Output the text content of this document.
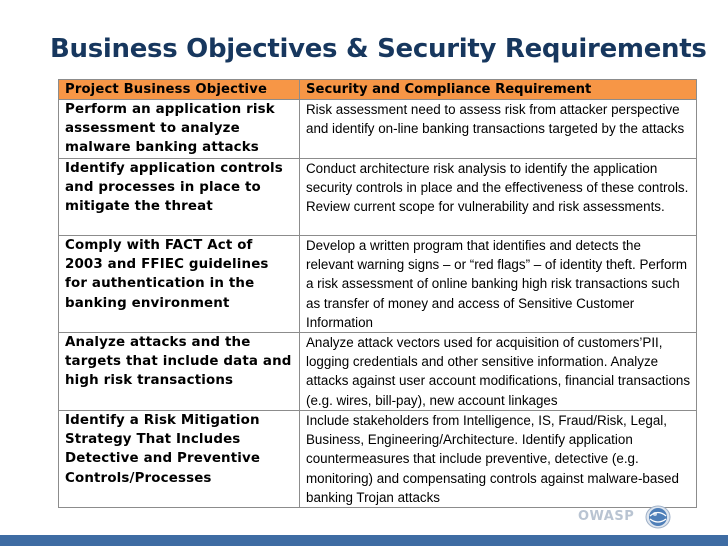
Business Objectives & Security Requirements
Project Business Objective	Security and Compliance Requirement
Perform an application risk assessment to analyze malware banking attacks	Risk assessment need to assess risk from attacker perspective and identify on-line banking transactions targeted by the attacks
Identify application controls and processes in place to mitigate the threat	Conduct architecture risk analysis to identify the application security controls in place and the effectiveness of these controls. Review current scope for vulnerability and risk assessments.
Comply with FACT Act of 2003 and FFIEC guidelines for authentication in the banking environment	Develop a written program that identifies and detects the relevant warning signs – or “red flags” – of identity theft. Perform a risk assessment of online banking high risk transactions such as transfer of money and access of Sensitive Customer Information
Analyze attacks and the targets that include data and high risk transactions	Analyze attack vectors used for acquisition of customers’PII, logging credentials and other sensitive information. Analyze attacks against user account modifications, financial transactions (e.g. wires, bill-pay), new account linkages
Identify a Risk Mitigation Strategy That Includes Detective and Preventive Controls/Processes	Include stakeholders from Intelligence, IS, Fraud/Risk, Legal, Business, Engineering/Architecture. Identify application countermeasures that include preventive, detective (e.g. monitoring) and compensating controls against malware-based banking Trojan attacks
OWASP
